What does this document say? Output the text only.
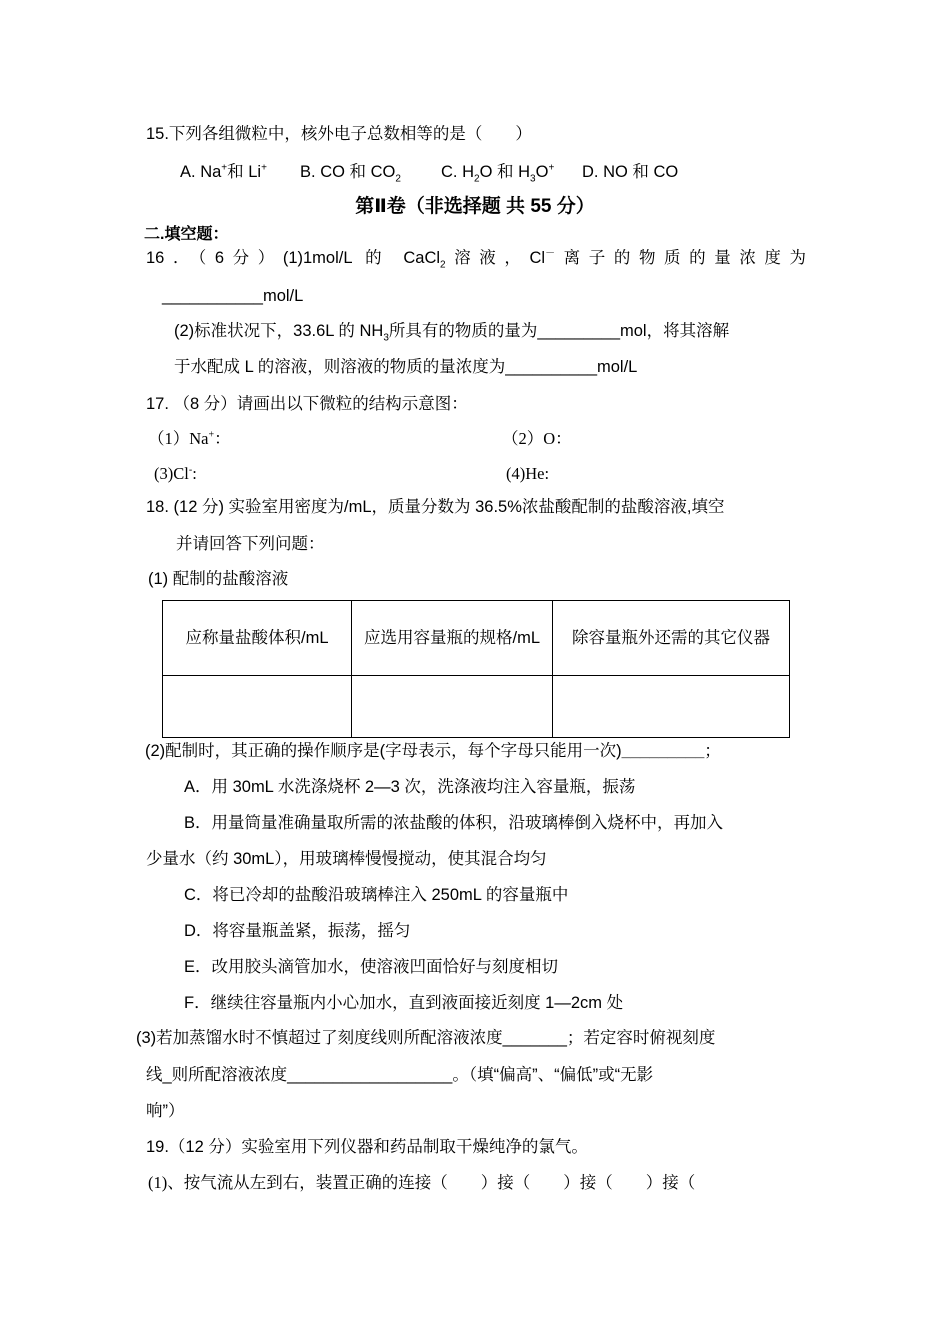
15.下列各组微粒中，核外电子总数相等的是（　　）
A. Na+和 Li+ B. CO 和 $CO_2$ C. $H_2O$ 和 $H_3O^+$ D. NO 和 CO
第Ⅱ卷（非选择题 共 55 分）
二.填空题：
16．（6分）(1)1mol/L 的 CaCl$_2$溶液，Cl－离子的物质的量浓度为
___________mol/L
(2)标准状况下，33.6L 的 $NH_3$所具有的物质的量为_________mol，将其溶解
于水配成 L 的溶液，则溶液的物质的量浓度为__________mol/L
17. （8 分）请画出以下微粒的结构示意图：
（1）Na+：	（2）O：
(3)Cl-:	(4)He:
18. (12 分) 实验室用密度为/mL，质量分数为 36.5%浓盐酸配制的盐酸溶液,填空
并请回答下列问题：
(1) 配制的盐酸溶液
应称量盐酸体积/mL	应选用容量瓶的规格/mL	除容量瓶外还需的其它仪器

(2)配制时，其正确的操作顺序是(字母表示，每个字母只能用一次)_________；
A．用 30mL 水洗涤烧杯 2—3 次，洗涤液均注入容量瓶，振荡
B．用量筒量准确量取所需的浓盐酸的体积，沿玻璃棒倒入烧杯中，再加入
少量水（约 30mL），用玻璃棒慢慢搅动，使其混合均匀
C．将已冷却的盐酸沿玻璃棒注入 250mL 的容量瓶中
D．将容量瓶盖紧，振荡，摇匀
E．改用胶头滴管加水，使溶液凹面恰好与刻度相切
F．继续往容量瓶内小心加水，直到液面接近刻度 1—2cm 处
(3)若加蒸馏水时不慎超过了刻度线则所配溶液浓度_______；若定容时俯视刻度
线_则所配溶液浓度__________________。（填“偏高”、“偏低”或“无影
响”）
19.（12 分）实验室用下列仪器和药品制取干燥纯净的氯气。
(1)、按气流从左到右，装置正确的连接（　　）接（　　）接（　　）接（
